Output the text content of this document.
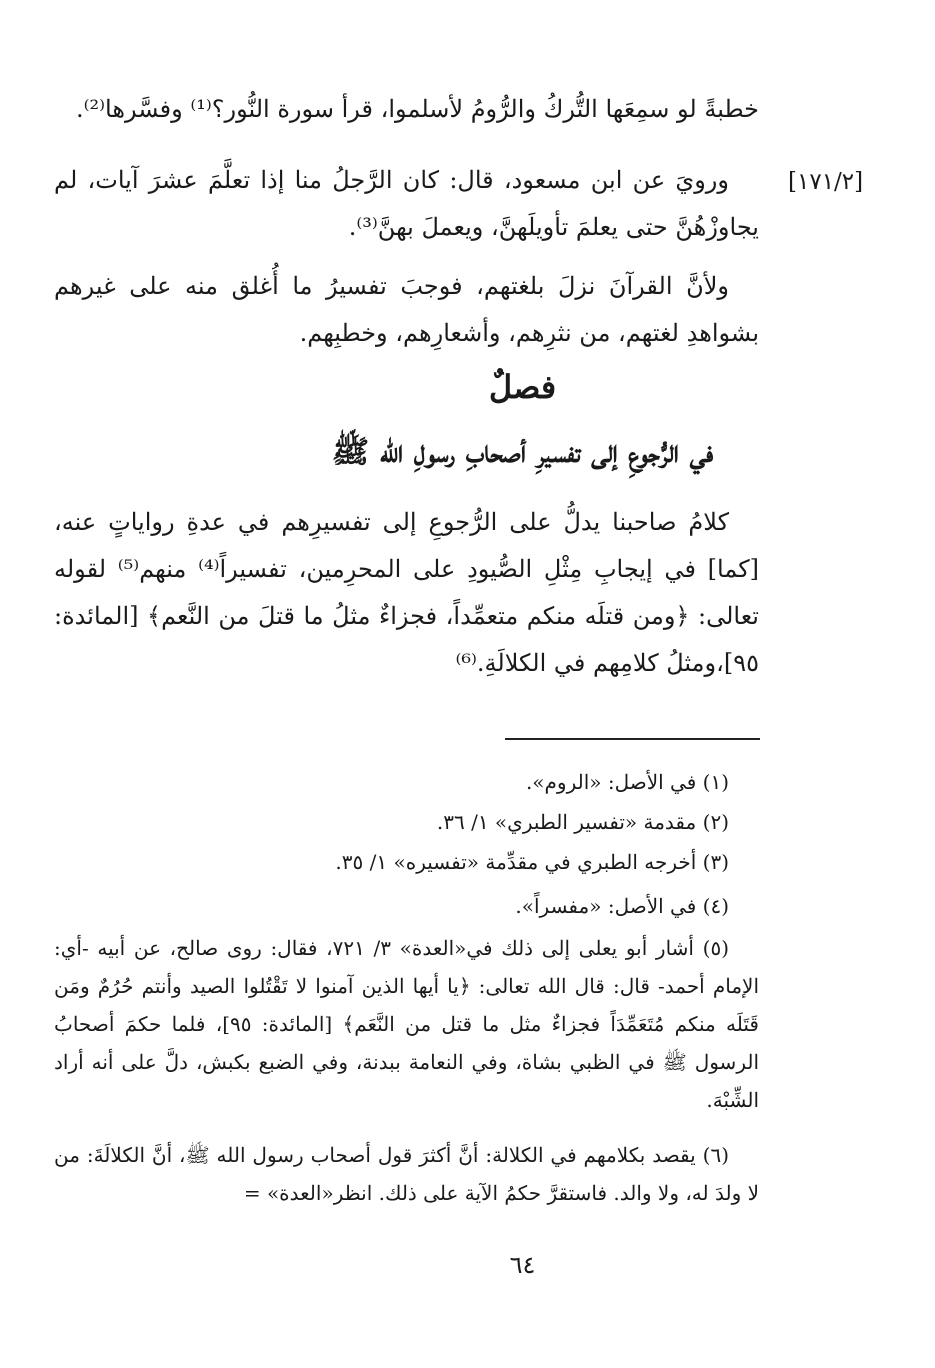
خطبةً لو سمِعَها التُّركُ والرُّومُ لأسلموا، قرأ سورة النُّور؟⁽¹⁾ وفسَّرها⁽²⁾.

[١٧١/٢]

ورويَ عن ابن مسعود، قال: كان الرَّجلُ منا إذا تعلَّمَ عشرَ آيات، لم يجاوزْهُنَّ حتى يعلمَ تأويلَهنَّ، ويعملَ بهنَّ⁽³⁾.

ولأنَّ القرآنَ نزلَ بلغتهم، فوجبَ تفسيرُ ما أُغلق منه على غيرهم بشواهدِ لغتهم، من نثرِهم، وأشعارِهم، وخطبِهم.

فصلٌ
في الرُّجوعِ إلى تفسيرِ أصحابِ رسولِ الله ﷺ

كلامُ صاحبنا يدلُّ على الرُّجوعِ إلى تفسيرِهم في عدةِ رواياتٍ عنه، [كما] في إيجابِ مِثْلِ الصُّيودِ على المحرِمين، تفسيراً⁽⁴⁾ منهم⁽⁵⁾ لقوله تعالى: ﴿ومن قتلَه منكم متعمِّداً، فجزاءٌ مثلُ ما قتلَ من النَّعم﴾ [المائدة: ٩٥]،ومثلُ كلامِهم في الكلالَةِ.⁽⁶⁾

(١) في الأصل: «الروم».

(٢) مقدمة «تفسير الطبري» ١/ ٣٦.

(٣) أخرجه الطبري في مقدِّمة «تفسيره» ١/ ٣٥.

(٤) في الأصل: «مفسراً».

(٥) أشار أبو يعلى إلى ذلك في«العدة» ٣/ ٧٢١، فقال: روى صالح، عن أبيه -أي: الإمام أحمد- قال: قال الله تعالى: ﴿يا أيها الذين آمنوا لا تَقْتُلوا الصيد وأنتم حُرُمٌ ومَن قَتَلَه منكم مُتَعَمِّدَاً فجزاءٌ مثل ما قتل من النَّعَم﴾ [المائدة: ٩٥]، فلما حكمَ أصحابُ الرسول ﷺ في الظبي بشاة، وفي النعامة ببدنة، وفي الضبع بكبش، دلَّ على أنه أراد الشِّبْهَ.

(٦) يقصد بكلامهم في الكلالة: أنَّ أكثرَ قول أصحاب رسول الله ﷺ، أنَّ الكلالَةَ: من لا ولدَ له، ولا والد. فاستقرَّ حكمُ الآية على ذلك. انظر«العدة» =

٦٤
